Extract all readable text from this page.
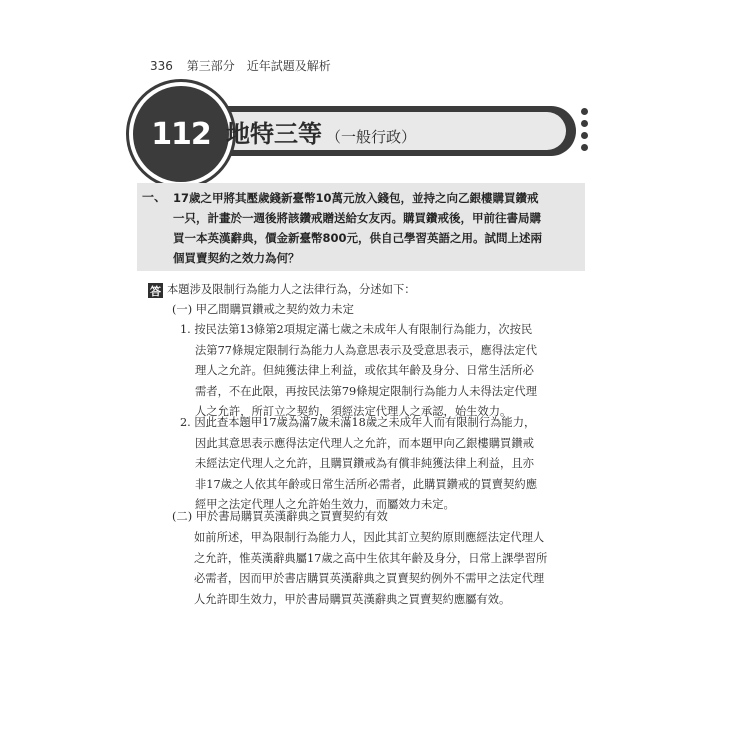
336 第三部分　近年試題及解析
112 地特三等 （一般行政）
一、 17歲之甲將其壓歲錢新臺幣10萬元放入錢包，並持之向乙銀樓購買鑽戒
一只，計畫於一週後將該鑽戒贈送給女友丙。購買鑽戒後，甲前往書局購
買一本英漢辭典，價金新臺幣800元，供自己學習英語之用。試問上述兩
個買賣契約之效力為何？
答 本題涉及限制行為能力人之法律行為，分述如下：
(一) 甲乙間購買鑽戒之契約效力未定
1. 按民法第13條第2項規定滿七歲之未成年人有限制行為能力，次按民
法第77條規定限制行為能力人為意思表示及受意思表示，應得法定代
理人之允許。但純獲法律上利益，或依其年齡及身分、日常生活所必
需者，不在此限，再按民法第79條規定限制行為能力人未得法定代理
人之允許，所訂立之契約，須經法定代理人之承認，始生效力。
2. 因此查本題甲17歲為滿7歲未滿18歲之未成年人而有限制行為能力，
因此其意思表示應得法定代理人之允許，而本題甲向乙銀樓購買鑽戒
未經法定代理人之允許，且購買鑽戒為有償非純獲法律上利益，且亦
非17歲之人依其年齡或日常生活所必需者，此購買鑽戒的買賣契約應
經甲之法定代理人之允許始生效力，而屬效力未定。
(二) 甲於書局購買英漢辭典之買賣契約有效
如前所述，甲為限制行為能力人，因此其訂立契約原則應經法定代理人
之允許，惟英漢辭典屬17歲之高中生依其年齡及身分，日常上課學習所
必需者，因而甲於書店購買英漢辭典之買賣契約例外不需甲之法定代理
人允許即生效力，甲於書局購買英漢辭典之買賣契約應屬有效。
